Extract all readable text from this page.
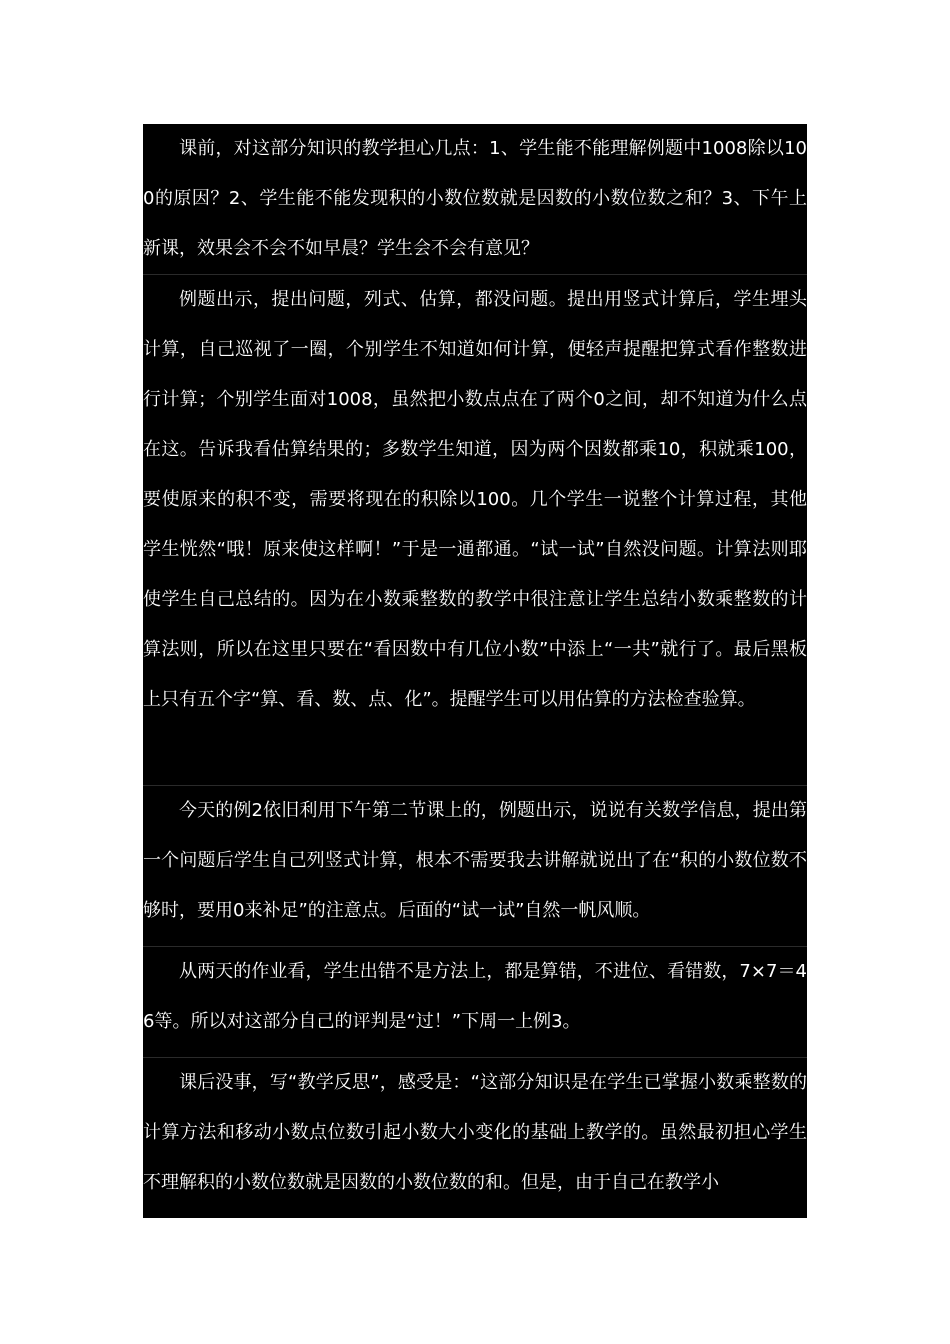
课前，对这部分知识的教学担心几点：1、学生能不能理解例题中1008除以100的原因？2、学生能不能发现积的小数位数就是因数的小数位数之和？3、下午上新课，效果会不会不如早晨？学生会不会有意见？

例题出示，提出问题，列式、估算，都没问题。提出用竖式计算后，学生埋头计算，自己巡视了一圈，个别学生不知道如何计算，便轻声提醒把算式看作整数进行计算；个别学生面对1008，虽然把小数点点在了两个0之间，却不知道为什么点在这。告诉我看估算结果的；多数学生知道，因为两个因数都乘10，积就乘100，要使原来的积不变，需要将现在的积除以100。几个学生一说整个计算过程，其他学生恍然“哦！原来使这样啊！”于是一通都通。“试一试”自然没问题。计算法则耶使学生自己总结的。因为在小数乘整数的教学中很注意让学生总结小数乘整数的计算法则，所以在这里只要在“看因数中有几位小数”中添上“一共”就行了。最后黑板上只有五个字“算、看、数、点、化”。提醒学生可以用估算的方法检查验算。

今天的例2依旧利用下午第二节课上的，例题出示，说说有关数学信息，提出第一个问题后学生自己列竖式计算，根本不需要我去讲解就说出了在“积的小数位数不够时，要用0来补足”的注意点。后面的“试一试”自然一帆风顺。

从两天的作业看，学生出错不是方法上，都是算错，不进位、看错数，7×7＝46等。所以对这部分自己的评判是“过！”下周一上例3。

课后没事，写“教学反思”，感受是：“这部分知识是在学生已掌握小数乘整数的计算方法和移动小数点位数引起小数大小变化的基础上教学的。虽然最初担心学生不理解积的小数位数就是因数的小数位数的和。但是，由于自己在教学小
